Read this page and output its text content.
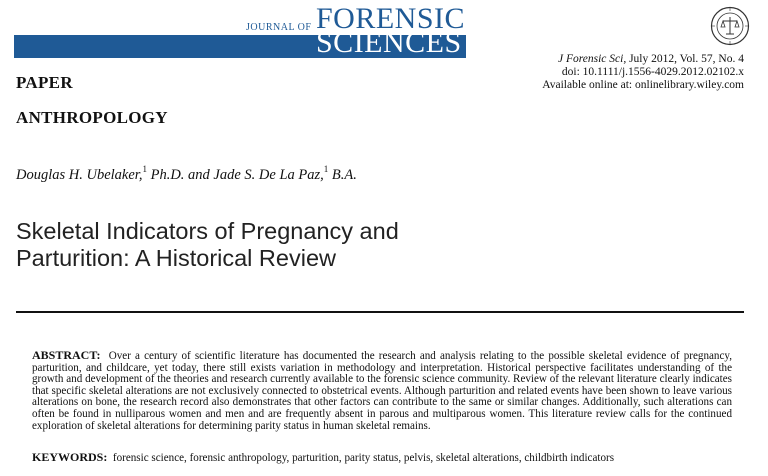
JOURNAL OF FORENSIC
SCIENCES	J Forensic Sci, July 2012, Vol. 57, No. 4
doi: 10.1111/j.1556-4029.2012.02102.x
Available online at: onlinelibrary.wiley.com
PAPER
ANTHROPOLOGY
Douglas H. Ubelaker,$^1$ Ph.D. and Jade S. De La Paz,$^1$ B.A.
Skeletal Indicators of Pregnancy and
Parturition: A Historical Review
ABSTRACT: Over a century of scientific literature has documented the research and analysis relating to the possible skeletal evidence of pregnancy, parturition, and childcare, yet today, there still exists variation in methodology and interpretation. Historical perspective facilitates understanding of the growth and development of the theories and research currently available to the forensic science community. Review of the relevant literature clearly indicates that specific skeletal alterations are not exclusively connected to obstetrical events. Although parturition and related events have been shown to leave various alterations on bone, the research record also demonstrates that other factors can contribute to the same or similar changes. Additionally, such alterations can often be found in nulliparous women and men and are frequently absent in parous and multiparous women. This literature review calls for the continued exploration of skeletal alterations for determining parity status in human skeletal remains.
KEYWORDS: forensic science, forensic anthropology, parturition, parity status, pelvis, skeletal alterations, childbirth indicators
